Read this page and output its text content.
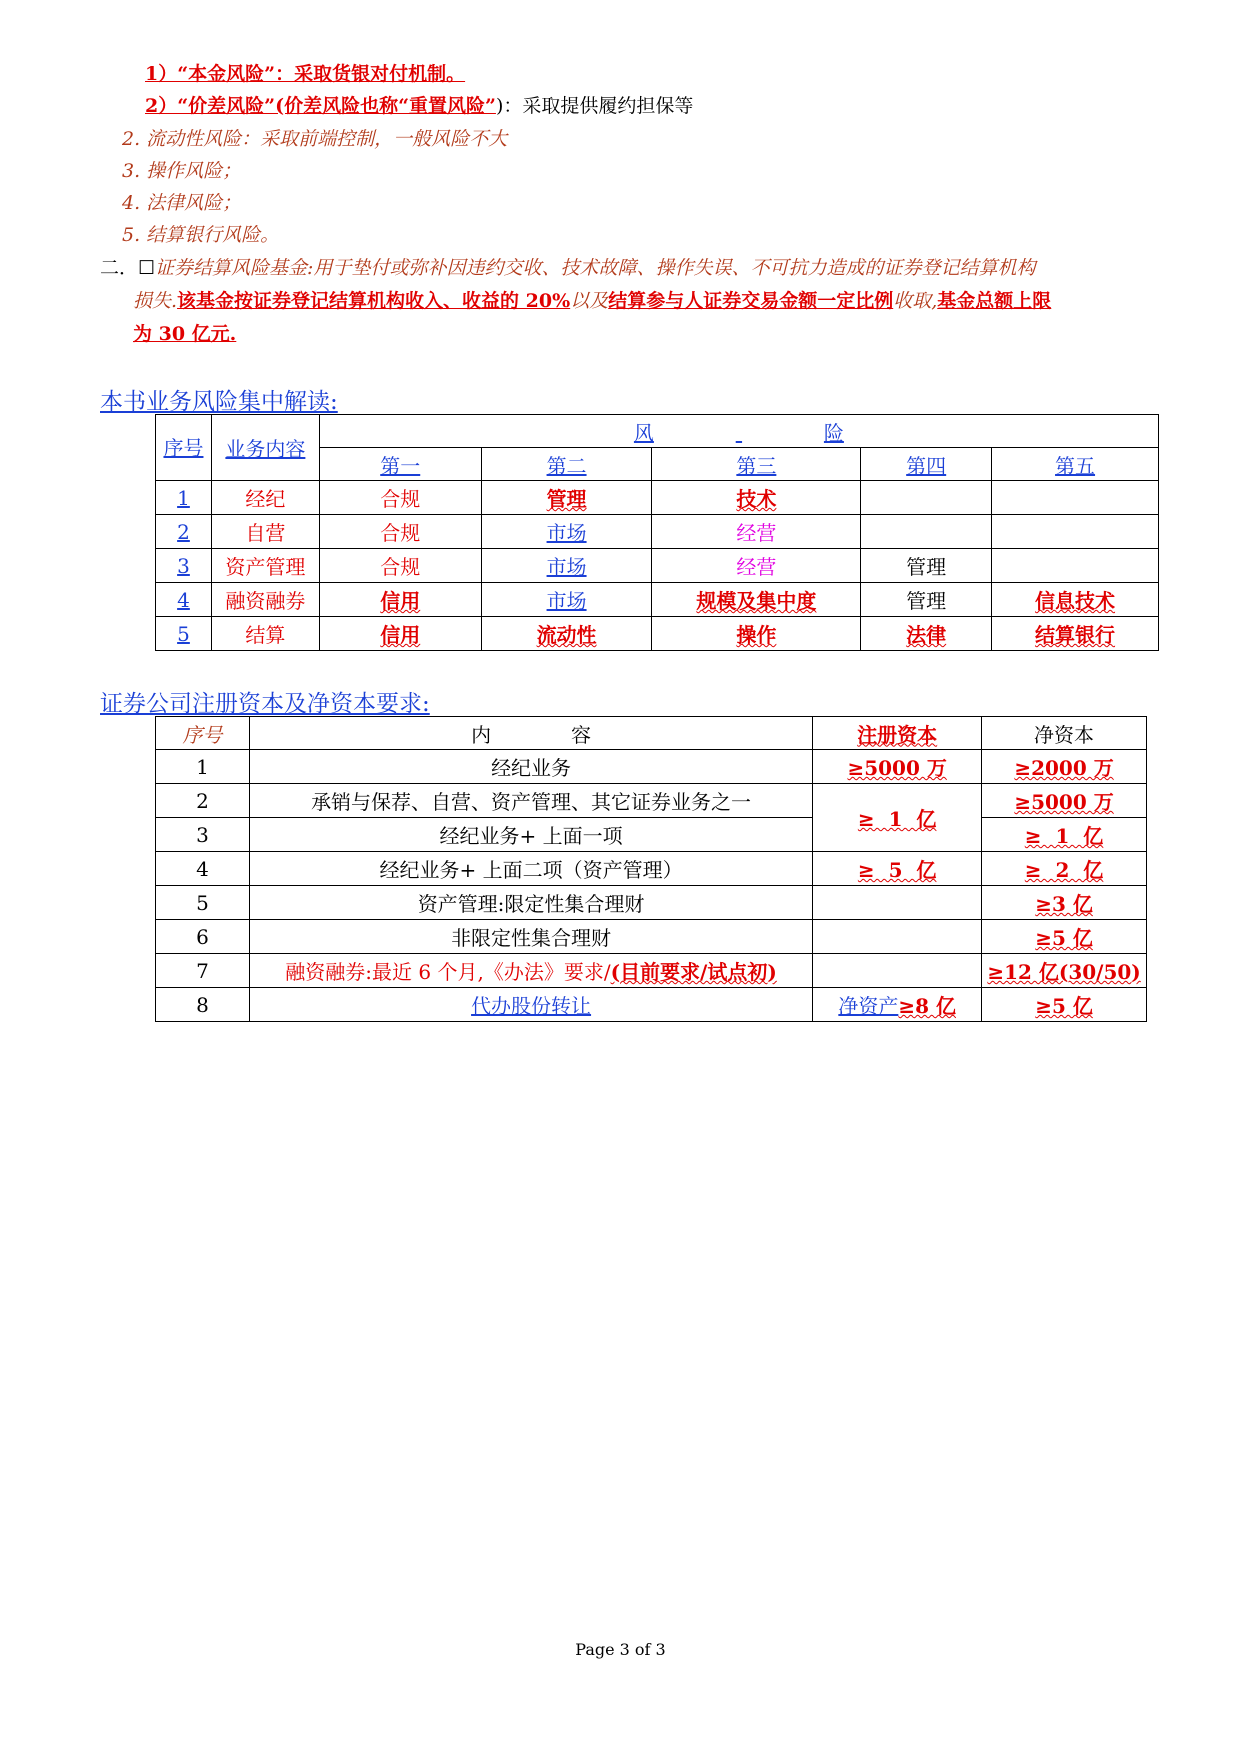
1）“本金风险”：采取货银对付机制。
2）“价差风险”(价差风险也称“重置风险”)：采取提供履约担保等
2. 流动性风险：采取前端控制，一般风险不大
3. 操作风险；
4. 法律风险；
5. 结算银行风险。
二．☐证券结算风险基金:用于垫付或弥补因违约交收、技术故障、操作失误、不可抗力造成的证券登记结算机构
损失.该基金按证券登记结算机构收入、收益的 20%以及结算参与人证券交易金额一定比例收取,基金总额上限
为 30 亿元.
本书业务风险集中解读:
序号	业务内容	风 险				
		第一	第二	第三	第四	第五
1	经纪	合规	管理	技术		
2	自营	合规	市场	经营		
3	资产管理	合规	市场	经营	管理	
4	融资融券	信用	市场	规模及集中度	管理	信息技术
5	结算	信用	流动性	操作	法律	结算银行
证券公司注册资本及净资本要求:
序号	内　　　　容	注册资本	净资本
1	经纪业务	≥5000 万	≥2000 万
2	承销与保荐、自营、资产管理、其它证券业务之一	≥  1  亿	≥5000 万
3	经纪业务+ 上面一项		≥  1  亿
4	经纪业务+ 上面二项（资产管理）	≥  5  亿	≥  2  亿
5	资产管理:限定性集合理财		≥3 亿
6	非限定性集合理财		≥5 亿
7	融资融券:最近 6 个月,《办法》要求/(目前要求/试点初)		≥12 亿(30/50)
8	代办股份转让	净资产≥8 亿	≥5 亿
Page 3 of 3
